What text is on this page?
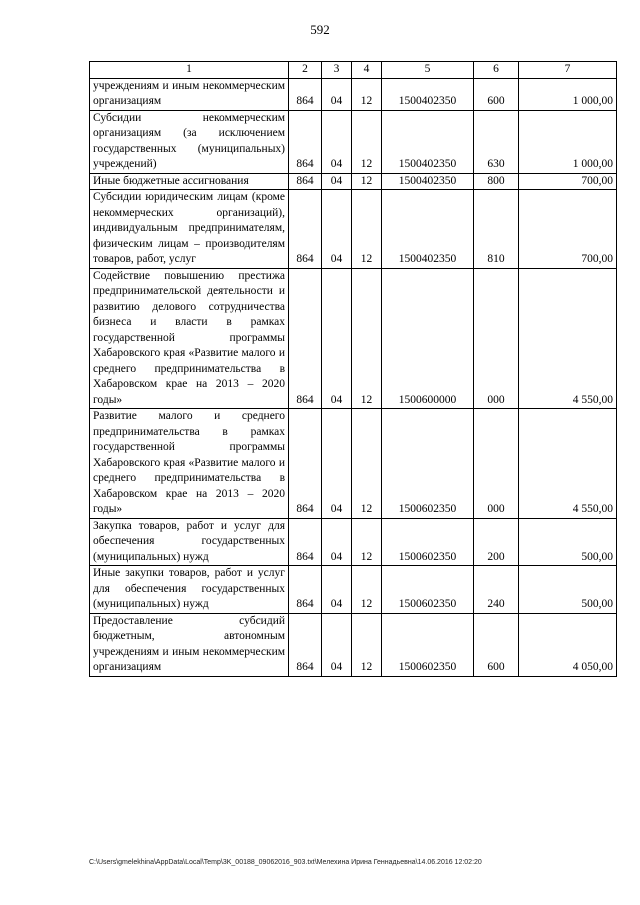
592
1	2	3	4	5	6	7
учреждениям и иным некоммерческим организациям	864	04	12	1500402350	600	1 000,00
Субсидии некоммерческим организациям (за исключением государственных (муниципальных) учреждений)	864	04	12	1500402350	630	1 000,00
Иные бюджетные ассигнования	864	04	12	1500402350	800	700,00
Субсидии юридическим лицам (кроме некоммерческих организаций), индивидуальным предпринимателям, физическим лицам – производителям товаров, работ, услуг	864	04	12	1500402350	810	700,00
Содействие повышению престижа предпринимательской деятельности и развитию делового сотрудничества бизнеса и власти в рамках государственной программы Хабаровского края «Развитие малого и среднего предпринимательства в Хабаровском крае на 2013 – 2020 годы»	864	04	12	1500600000	000	4 550,00
Развитие малого и среднего предпринимательства в рамках государственной программы Хабаровского края «Развитие малого и среднего предпринимательства в Хабаровском крае на 2013 – 2020 годы»	864	04	12	1500602350	000	4 550,00
Закупка товаров, работ и услуг для обеспечения государственных (муниципальных) нужд	864	04	12	1500602350	200	500,00
Иные закупки товаров, работ и услуг для обеспечения государственных (муниципальных) нужд	864	04	12	1500602350	240	500,00
Предоставление субсидий бюджетным, автономным учреждениям и иным некоммерческим организациям	864	04	12	1500602350	600	4 050,00
C:\Users\gmelekhina\AppData\Local\Temp\3K_00188_09062016_903.txt\Мелехина Ирина Геннадьевна\14.06.2016 12:02:20
